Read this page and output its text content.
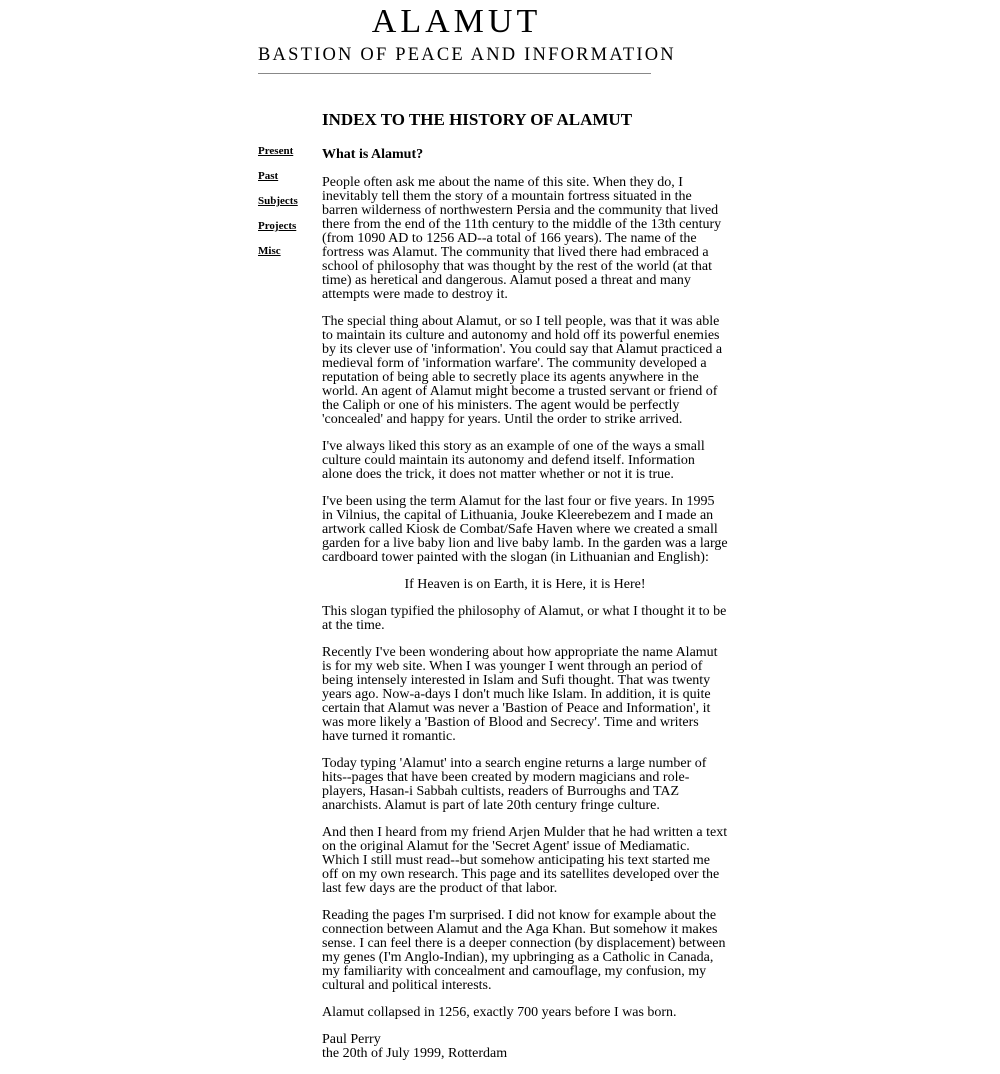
ALAMUT
BASTION OF PEACE AND INFORMATION
Present
Past
Subjects
Projects
Misc
INDEX TO THE HISTORY OF ALAMUT
What is Alamut?

People often ask me about the name of this site. When they do, I inevitably tell them the story of a mountain fortress situated in the barren wilderness of northwestern Persia and the community that lived there from the end of the 11th century to the middle of the 13th century (from 1090 AD to 1256 AD--a total of 166 years). The name of the fortress was Alamut. The community that lived there had embraced a school of philosophy that was thought by the rest of the world (at that time) as heretical and dangerous. Alamut posed a threat and many attempts were made to destroy it.

The special thing about Alamut, or so I tell people, was that it was able to maintain its culture and autonomy and hold off its powerful enemies by its clever use of 'information'. You could say that Alamut practiced a medieval form of 'information warfare'. The community developed a reputation of being able to secretly place its agents anywhere in the world. An agent of Alamut might become a trusted servant or friend of the Caliph or one of his ministers. The agent would be perfectly 'concealed' and happy for years. Until the order to strike arrived.

I've always liked this story as an example of one of the ways a small culture could maintain its autonomy and defend itself. Information alone does the trick, it does not matter whether or not it is true.

I've been using the term Alamut for the last four or five years. In 1995 in Vilnius, the capital of Lithuania, Jouke Kleerebezem and I made an artwork called Kiosk de Combat/Safe Haven where we created a small garden for a live baby lion and live baby lamb. In the garden was a large cardboard tower painted with the slogan (in Lithuanian and English):

If Heaven is on Earth, it is Here, it is Here!

This slogan typified the philosophy of Alamut, or what I thought it to be at the time.

Recently I've been wondering about how appropriate the name Alamut is for my web site. When I was younger I went through an period of being intensely interested in Islam and Sufi thought. That was twenty years ago. Now-a-days I don't much like Islam. In addition, it is quite certain that Alamut was never a 'Bastion of Peace and Information', it was more likely a 'Bastion of Blood and Secrecy'. Time and writers have turned it romantic.

Today typing 'Alamut' into a search engine returns a large number of hits--pages that have been created by modern magicians and role-players, Hasan-i Sabbah cultists, readers of Burroughs and TAZ anarchists. Alamut is part of late 20th century fringe culture.

And then I heard from my friend Arjen Mulder that he had written a text on the original Alamut for the 'Secret Agent' issue of Mediamatic. Which I still must read--but somehow anticipating his text started me off on my own research. This page and its satellites developed over the last few days are the product of that labor.

Reading the pages I'm surprised. I did not know for example about the connection between Alamut and the Aga Khan. But somehow it makes sense. I can feel there is a deeper connection (by displacement) between my genes (I'm Anglo-Indian), my upbringing as a Catholic in Canada, my familiarity with concealment and camouflage, my confusion, my cultural and political interests.

Alamut collapsed in 1256, exactly 700 years before I was born.

Paul Perry
the 20th of July 1999, Rotterdam
